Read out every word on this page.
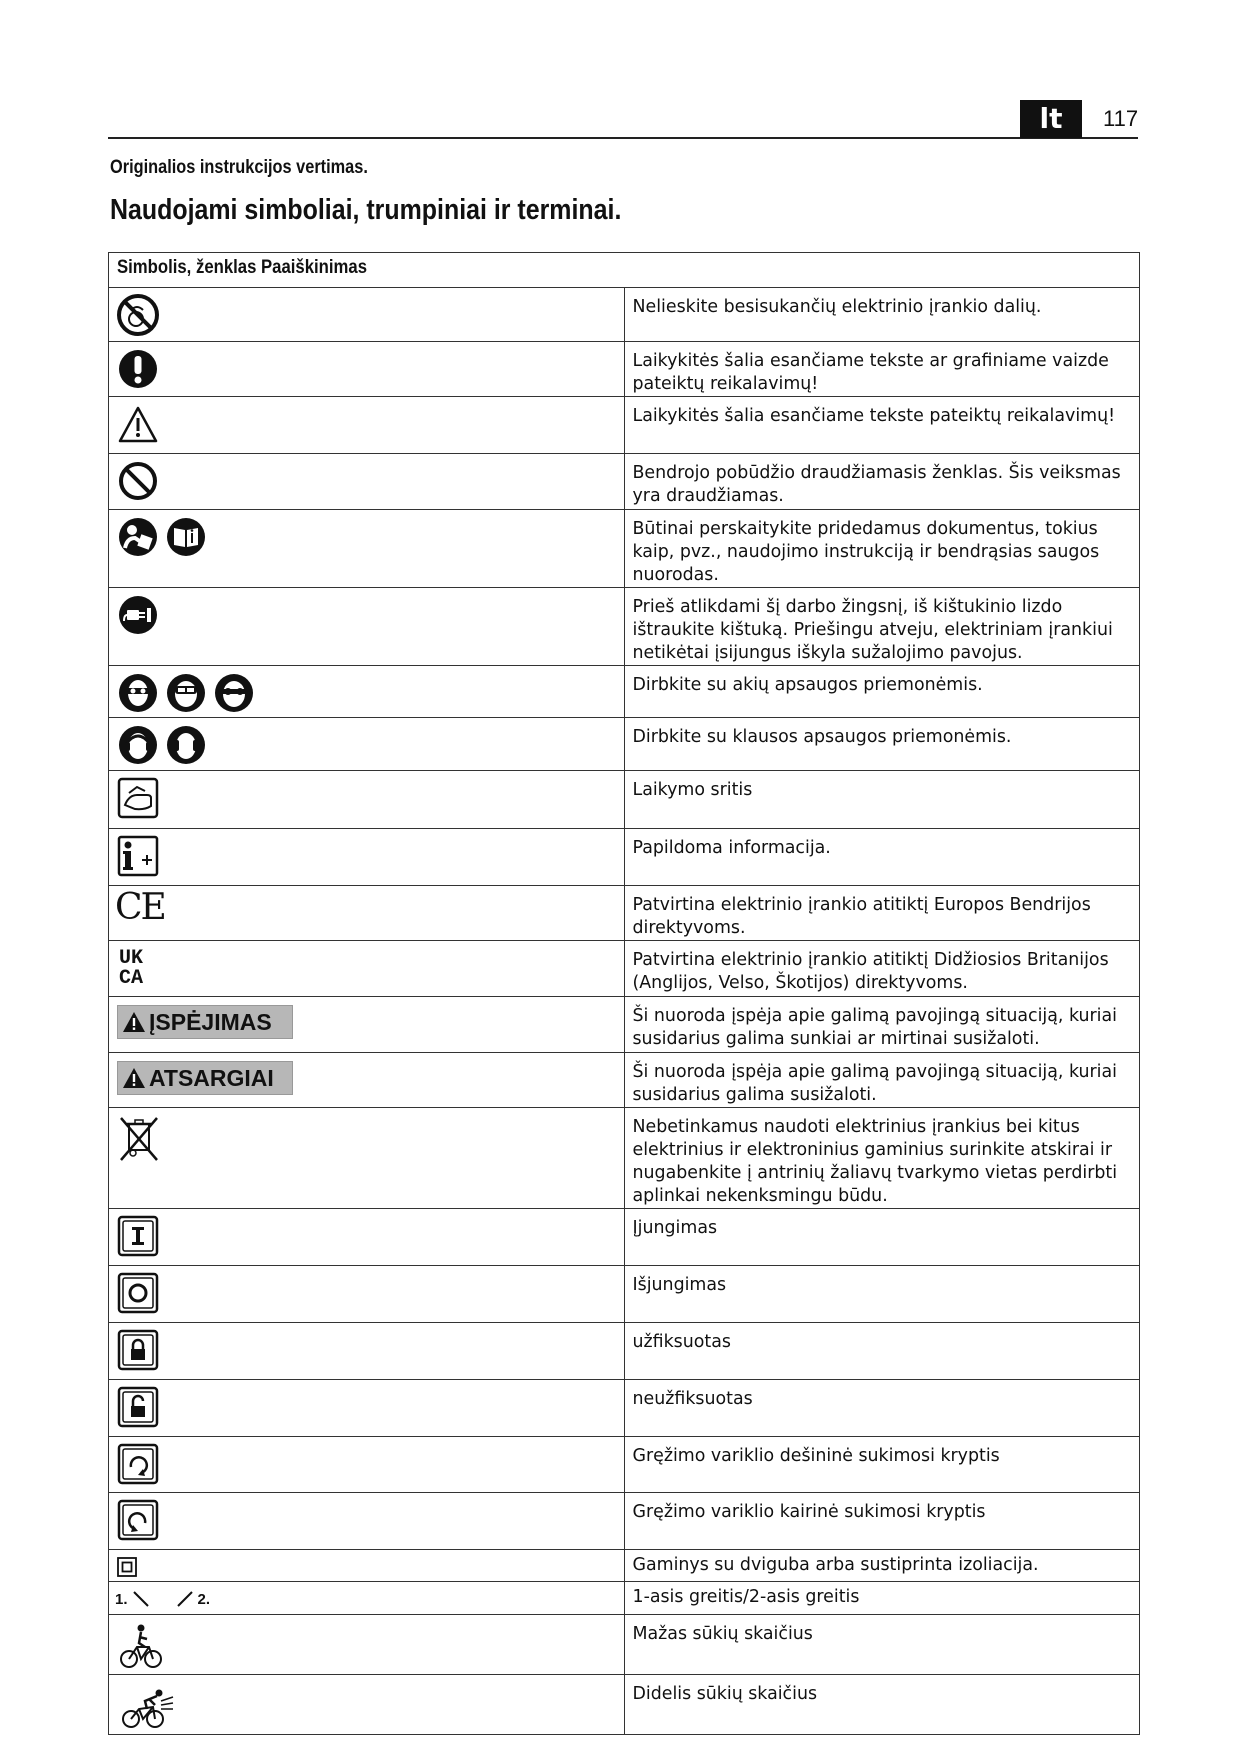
lt	117
Originalios instrukcijos vertimas.
Naudojami simboliai, trumpiniai ir terminai.
Simbolis, ženklas Paaiškinimas	

	Nelieskite besisukančių elektrinio įrankio dalių.

	Laikykitės šalia esančiame tekste ar grafiniame vaizde pateiktų reikalavimų!

	Laikykitės šalia esančiame tekste pateiktų reikalavimų!

	Bendrojo pobūdžio draudžiamasis ženklas. Šis veiksmas yra draudžiamas.

	Būtinai perskaitykite pridedamus dokumentus, tokius kaip, pvz., naudojimo instrukciją ir bendrąsias saugos nuorodas.

	Prieš atlikdami šį darbo žingsnį, iš kištukinio lizdo ištraukite kištuką. Priešingu atveju, elektriniam įrankiui netikėtai įsijungus iškyla sužalojimo pavojus.

	Dirbkite su akių apsaugos priemonėmis.

	Dirbkite su klausos apsaugos priemonėmis.

	Laikymo sritis

	Papildoma informacija.

CE	Patvirtina elektrinio įrankio atitiktį Europos Bendrijos direktyvoms.

UK
CA	Patvirtina elektrinio įrankio atitiktį Didžiosios Britanijos (Anglijos, Velso, Škotijos) direktyvoms.

ĮSPĖJIMAS	Ši nuoroda įspėja apie galimą pavojingą situaciją, kuriai susidarius galima sunkiai ar mirtinai susižaloti.

ATSARGIAI	Ši nuoroda įspėja apie galimą pavojingą situaciją, kuriai susidarius galima susižaloti.

	Nebetinkamus naudoti elektrinius įrankius bei kitus elektrinius ir elektroninius gaminius surinkite atskirai ir nugabenkite į antrinių žaliavų tvarkymo vietas perdirbti aplinkai nekenksmingu būdu.

	Įjungimas

	Išjungimas

	užfiksuotas

	neužfiksuotas

	Gręžimo variklio dešininė sukimosi kryptis

	Gręžimo variklio kairinė sukimosi kryptis

	Gaminys su dviguba arba sustiprinta izoliacija.

1. 2.	1-asis greitis/2-asis greitis

	Mažas sūkių skaičius

	Didelis sūkių skaičius
